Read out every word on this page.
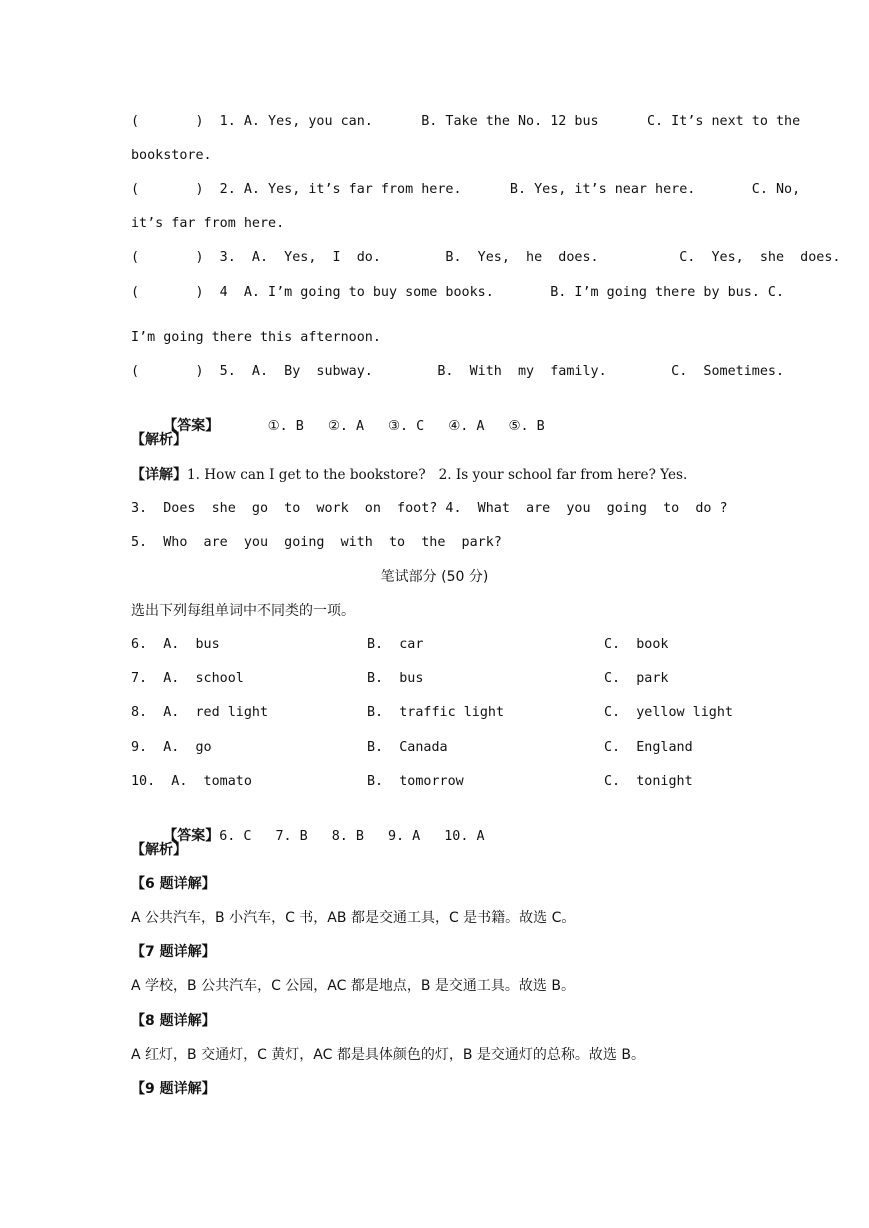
(       )  1. A. Yes, you can.      B. Take the No. 12 bus      C. It’s next to the
bookstore.
(       )  2. A. Yes, it’s far from here.      B. Yes, it’s near here.       C. No,
it’s far from here.
(       )  3.  A.  Yes,  I  do.        B.  Yes,  he  does.          C.  Yes,  she  does.
(       )  4  A. I’m going to buy some books.       B. I’m going there by bus. C.
I’m going there this afternoon.
(       )  5.  A.  By  subway.        B.  With  my  family.        C.  Sometimes.

【答案】	①. B ②. A ③. C ④. A ⑤. B

【解析】
【详解】1. How can I get to the bookstore?   2. Is your school far from here? Yes.
3.  Does  she  go  to  work  on  foot? 4.  What  are  you  going  to  do ?
5.  Who  are  you  going  with  to  the  park?
笔试部分 (50 分)
选出下列每组单词中不同类的一项。
6.  A.  bus	B.  car	C.  book
7.  A.  school	B.  bus	C.  park
8.  A.  red light	B.  traffic light	C.  yellow light
9.  A.  go	B.  Canada	C.  England
10.  A.  tomato	B.  tomorrow	C.  tonight

【答案】6. C 7. B 8. B 9. A 10. A

【解析】
【6 题详解】
A 公共汽车，B 小汽车，C 书，AB 都是交通工具，C 是书籍。故选 C。
【7 题详解】
A 学校，B 公共汽车，C 公园，AC 都是地点，B 是交通工具。故选 B。
【8 题详解】
A 红灯，B 交通灯，C 黄灯，AC 都是具体颜色的灯，B 是交通灯的总称。故选 B。
【9 题详解】
